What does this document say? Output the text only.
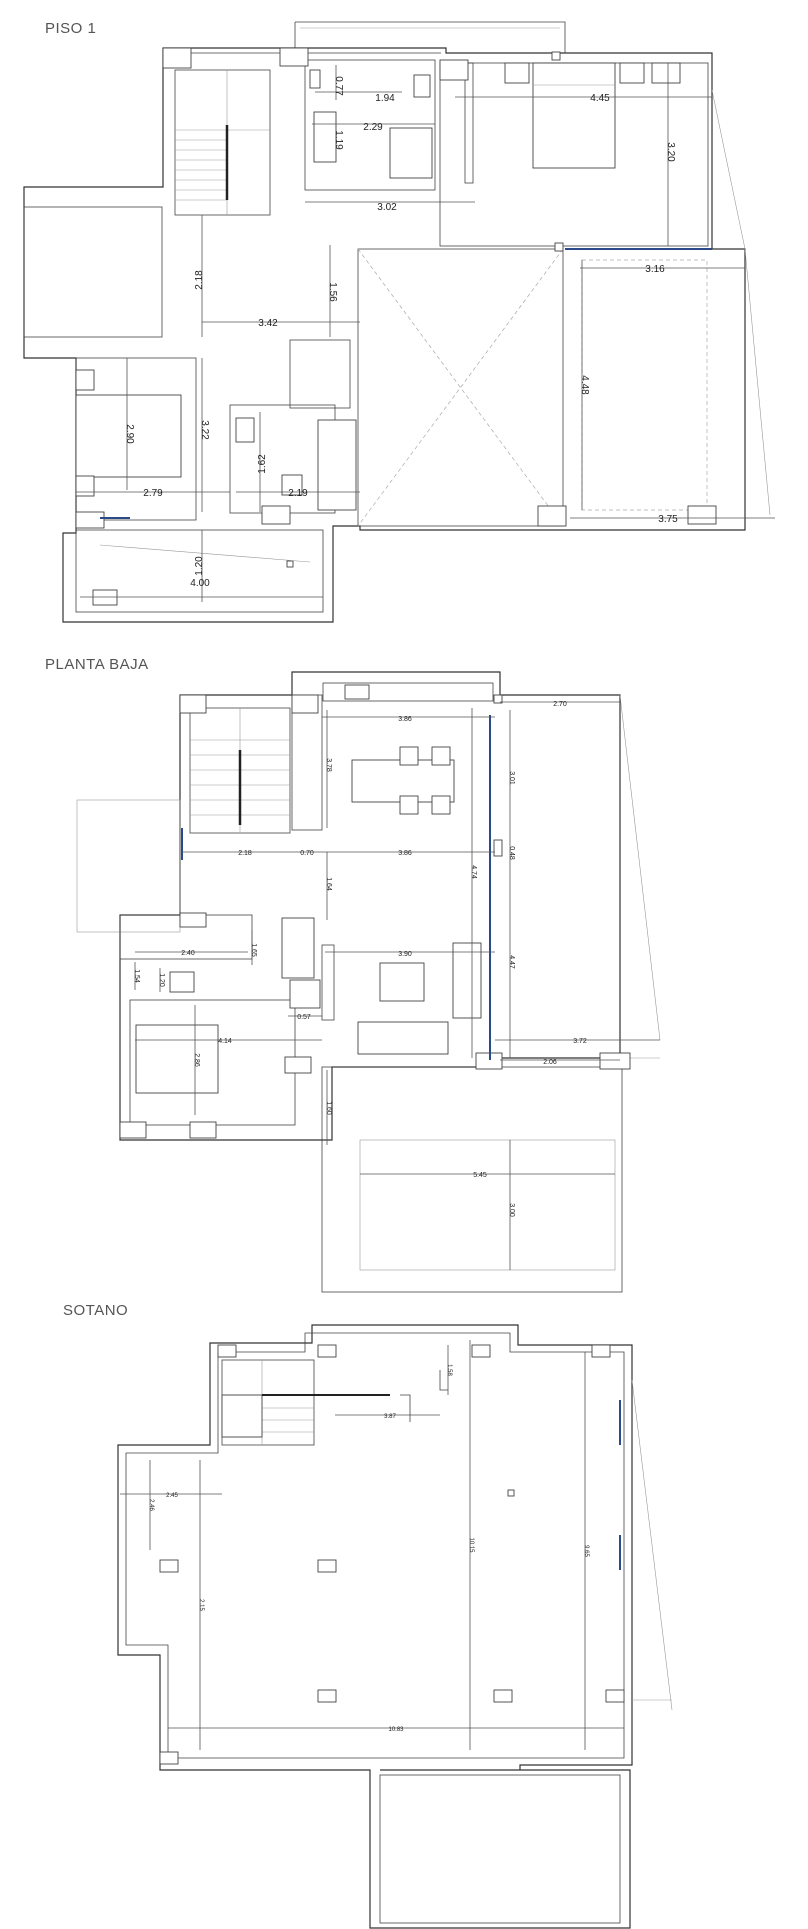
PISO 1
PLANTA BAJA
SOTANO
0.77
1.94
2.29
1.19
3.02
4.45
3.20
2.18
1.56
3.42
3.16
4.48
2.90	3.22
1.62
2.19
2.79
3.75
1.20
4.00
3.86
2.70
3.78
3.01
2.18	0.70	3.86	0.48
1.64
4.74
2.40	1.65
1.54	1.20
3.90
4.47
0.57
4.14
2.86
3.72
2.06
1.60
5.45
3.00
1.58
3.87
2.45
2.46
10.15	9.65
2.15
10.83
